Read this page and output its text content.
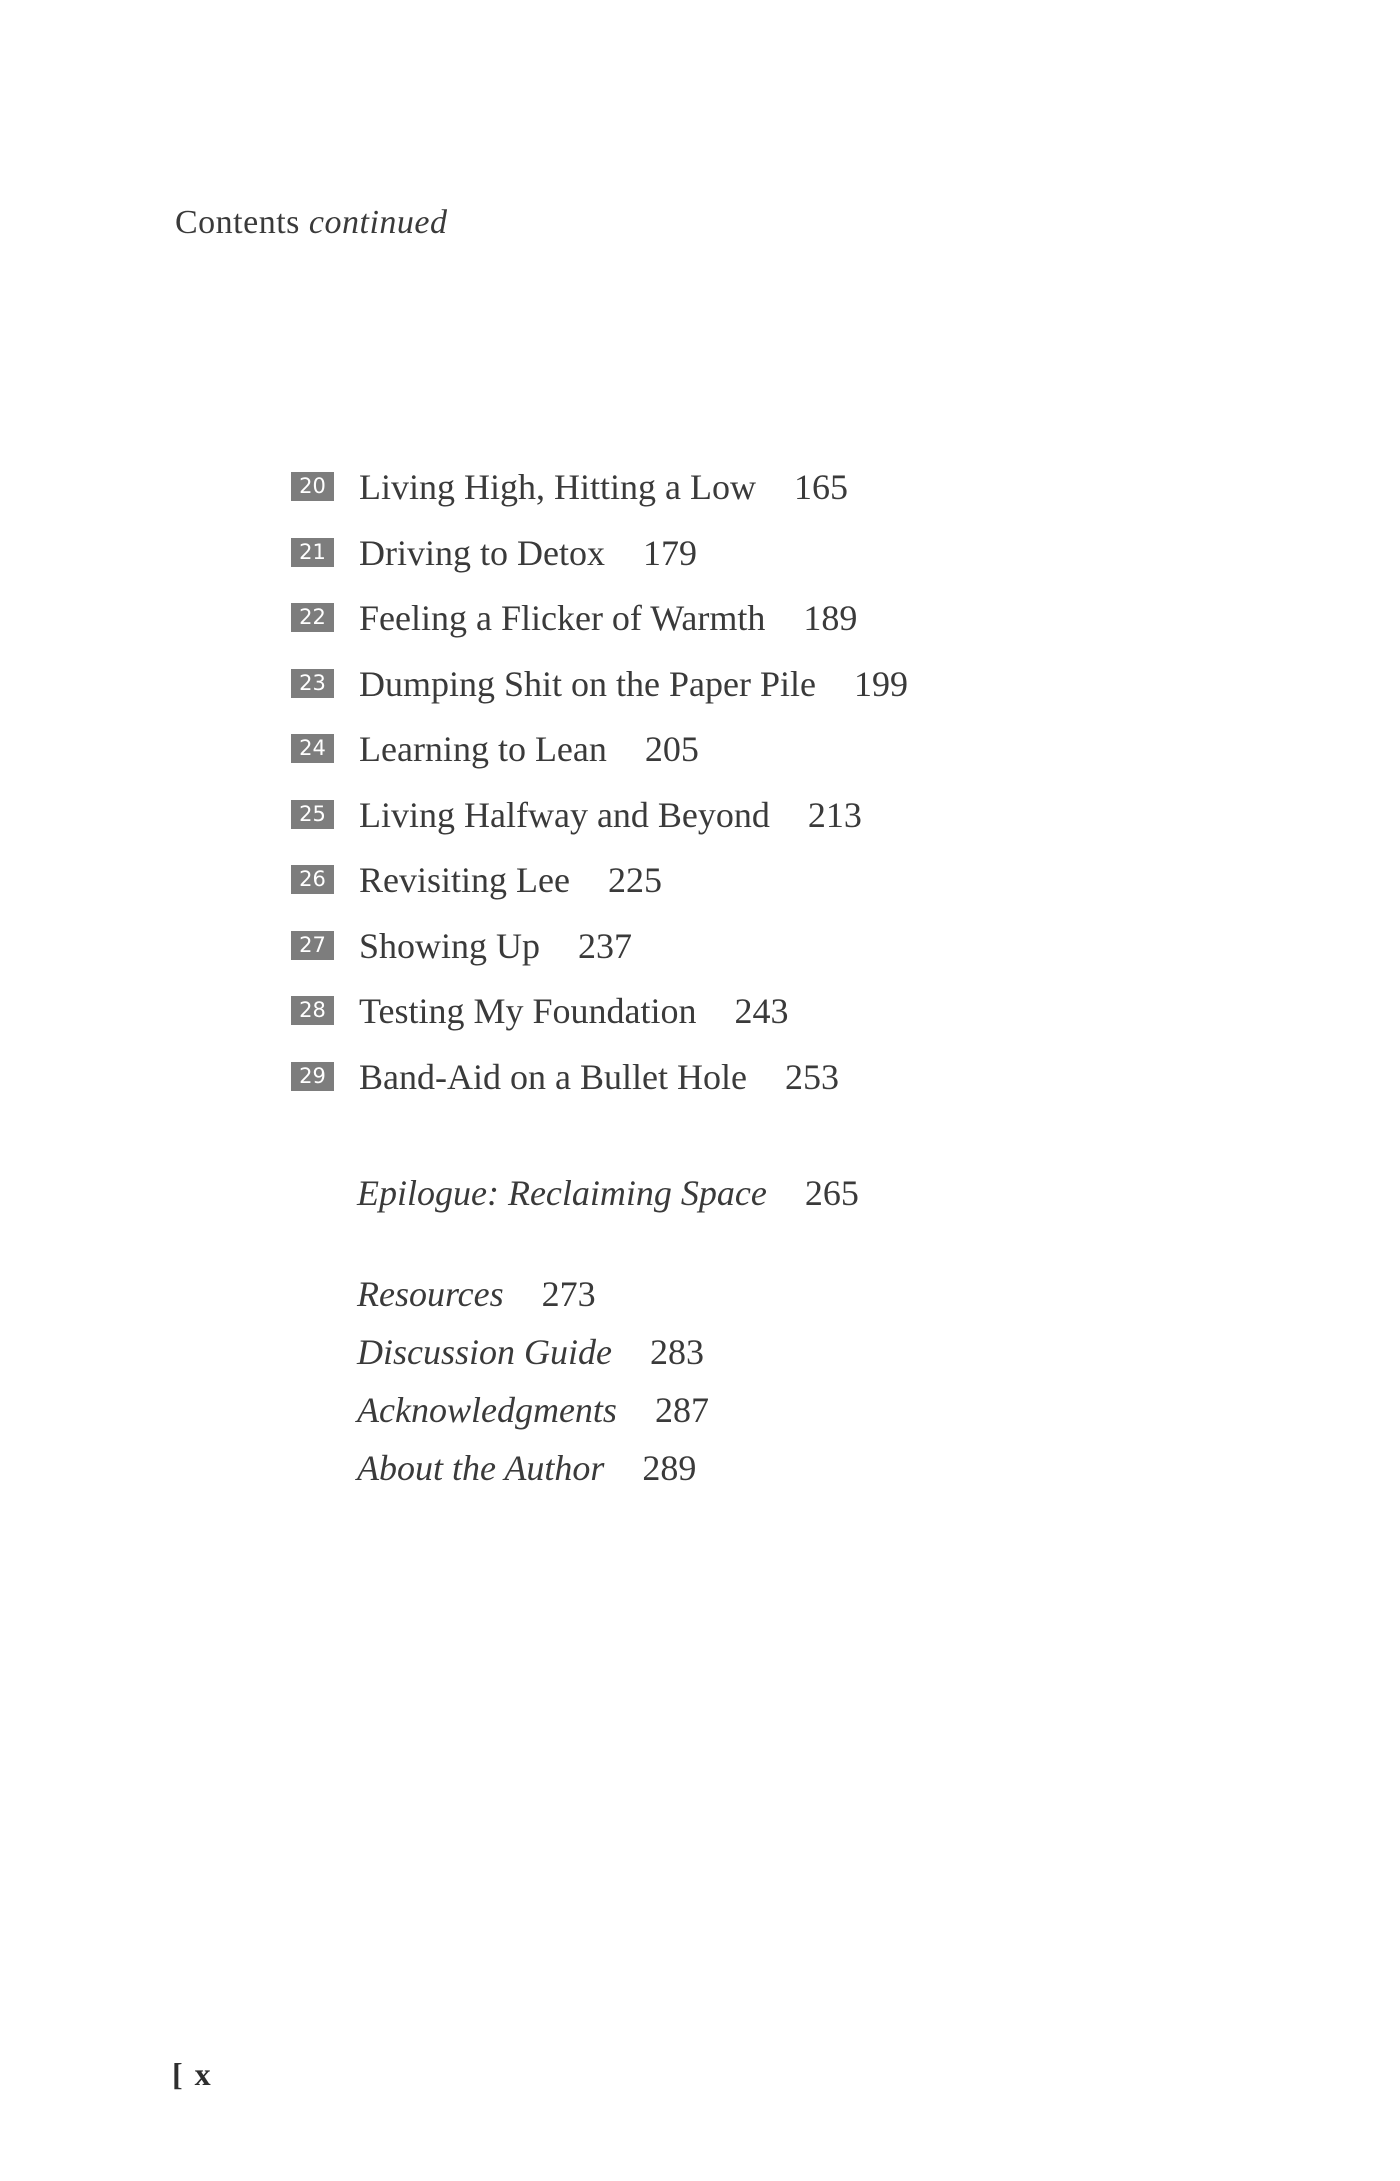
Contents continued
20 Living High, Hitting a Low 165
21 Driving to Detox 179
22 Feeling a Flicker of Warmth 189
23 Dumping Shit on the Paper Pile 199
24 Learning to Lean 205
25 Living Halfway and Beyond 213
26 Revisiting Lee 225
27 Showing Up 237
28 Testing My Foundation 243
29 Band-Aid on a Bullet Hole 253
Epilogue: Reclaiming Space 265
Resources 273
Discussion Guide 283
Acknowledgments 287
About the Author 289
[ x
